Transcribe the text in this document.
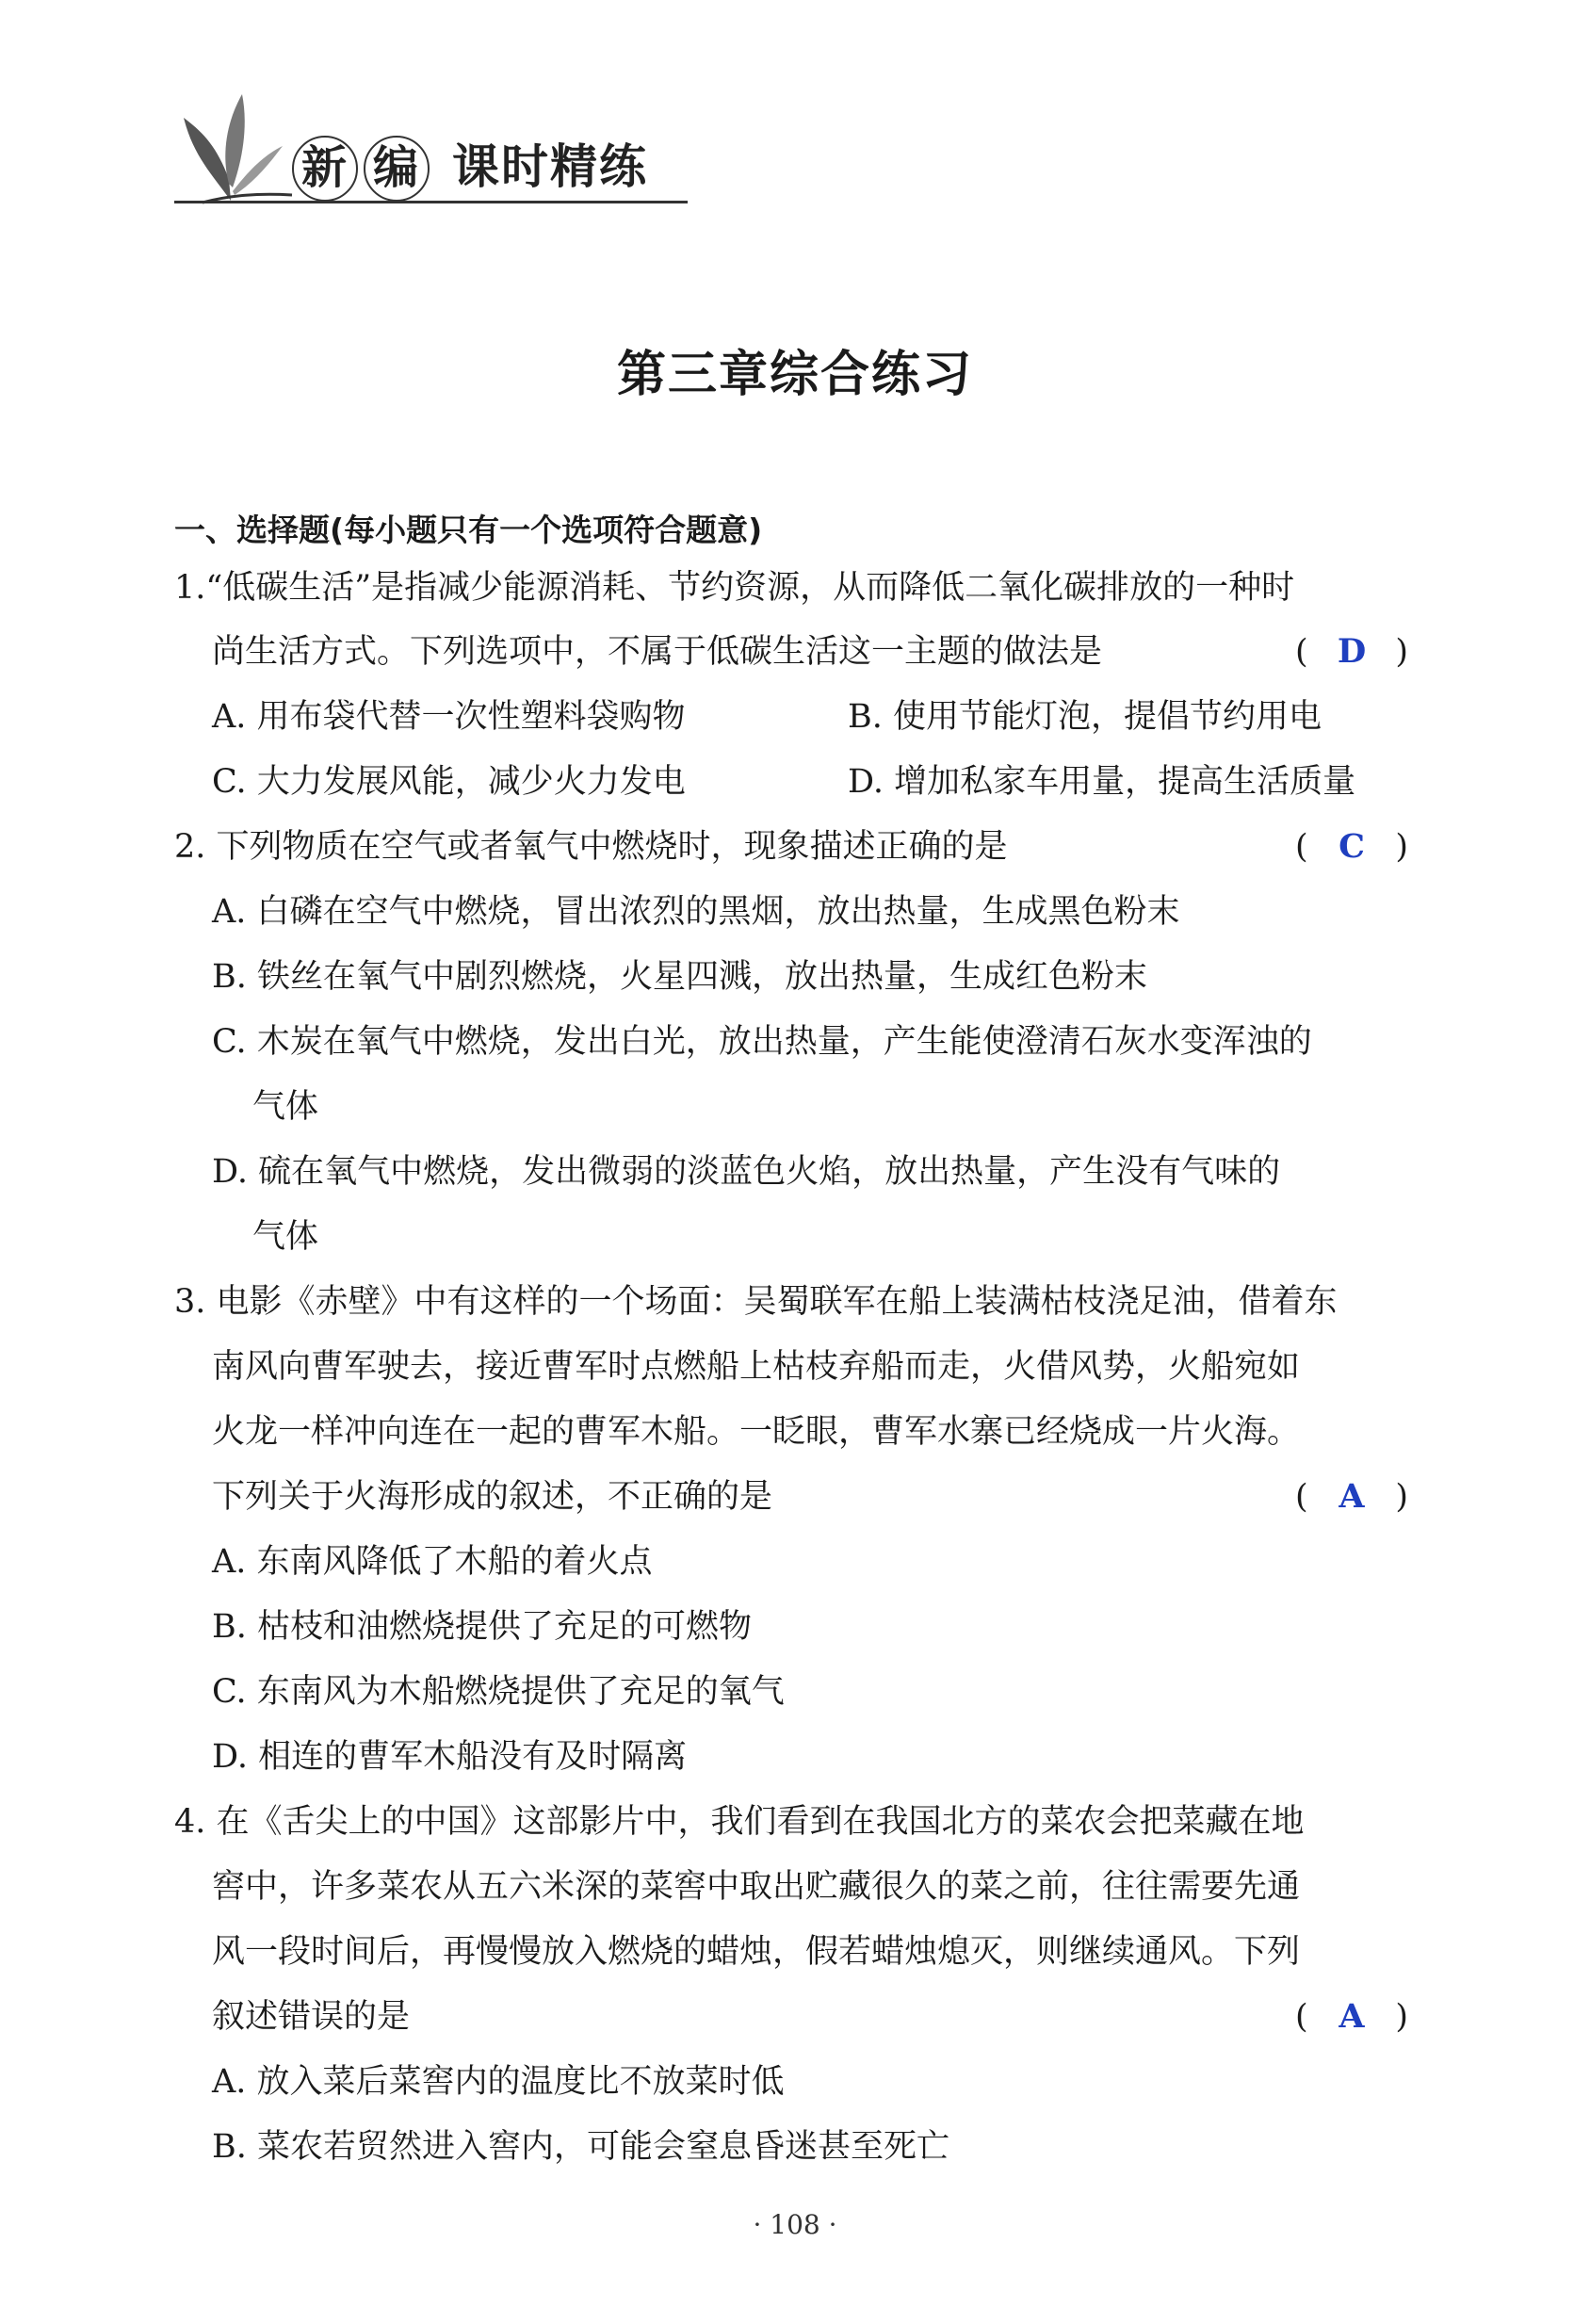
新 编 课时精练
第三章综合练习
一、选择题(每小题只有一个选项符合题意)
1.“低碳生活”是指减少能源消耗、节约资源，从而降低二氧化碳排放的一种时
尚生活方式。下列选项中，不属于低碳生活这一主题的做法是	( D )
A. 用布袋代替一次性塑料袋购物	B. 使用节能灯泡，提倡节约用电
C. 大力发展风能，减少火力发电	D. 增加私家车用量，提高生活质量
2. 下列物质在空气或者氧气中燃烧时，现象描述正确的是	( C )
A. 白磷在空气中燃烧，冒出浓烈的黑烟，放出热量，生成黑色粉末
B. 铁丝在氧气中剧烈燃烧，火星四溅，放出热量，生成红色粉末
C. 木炭在氧气中燃烧，发出白光，放出热量，产生能使澄清石灰水变浑浊的
气体
D. 硫在氧气中燃烧，发出微弱的淡蓝色火焰，放出热量，产生没有气味的
气体
3. 电影《赤壁》中有这样的一个场面：吴蜀联军在船上装满枯枝浇足油，借着东
南风向曹军驶去，接近曹军时点燃船上枯枝弃船而走，火借风势，火船宛如
火龙一样冲向连在一起的曹军木船。一眨眼，曹军水寨已经烧成一片火海。
下列关于火海形成的叙述，不正确的是	( A )
A. 东南风降低了木船的着火点
B. 枯枝和油燃烧提供了充足的可燃物
C. 东南风为木船燃烧提供了充足的氧气
D. 相连的曹军木船没有及时隔离
4. 在《舌尖上的中国》这部影片中，我们看到在我国北方的菜农会把菜藏在地
窖中，许多菜农从五六米深的菜窖中取出贮藏很久的菜之前，往往需要先通
风一段时间后，再慢慢放入燃烧的蜡烛，假若蜡烛熄灭，则继续通风。下列
叙述错误的是	( A )
A. 放入菜后菜窖内的温度比不放菜时低
B. 菜农若贸然进入窖内，可能会窒息昏迷甚至死亡
· 108 ·
